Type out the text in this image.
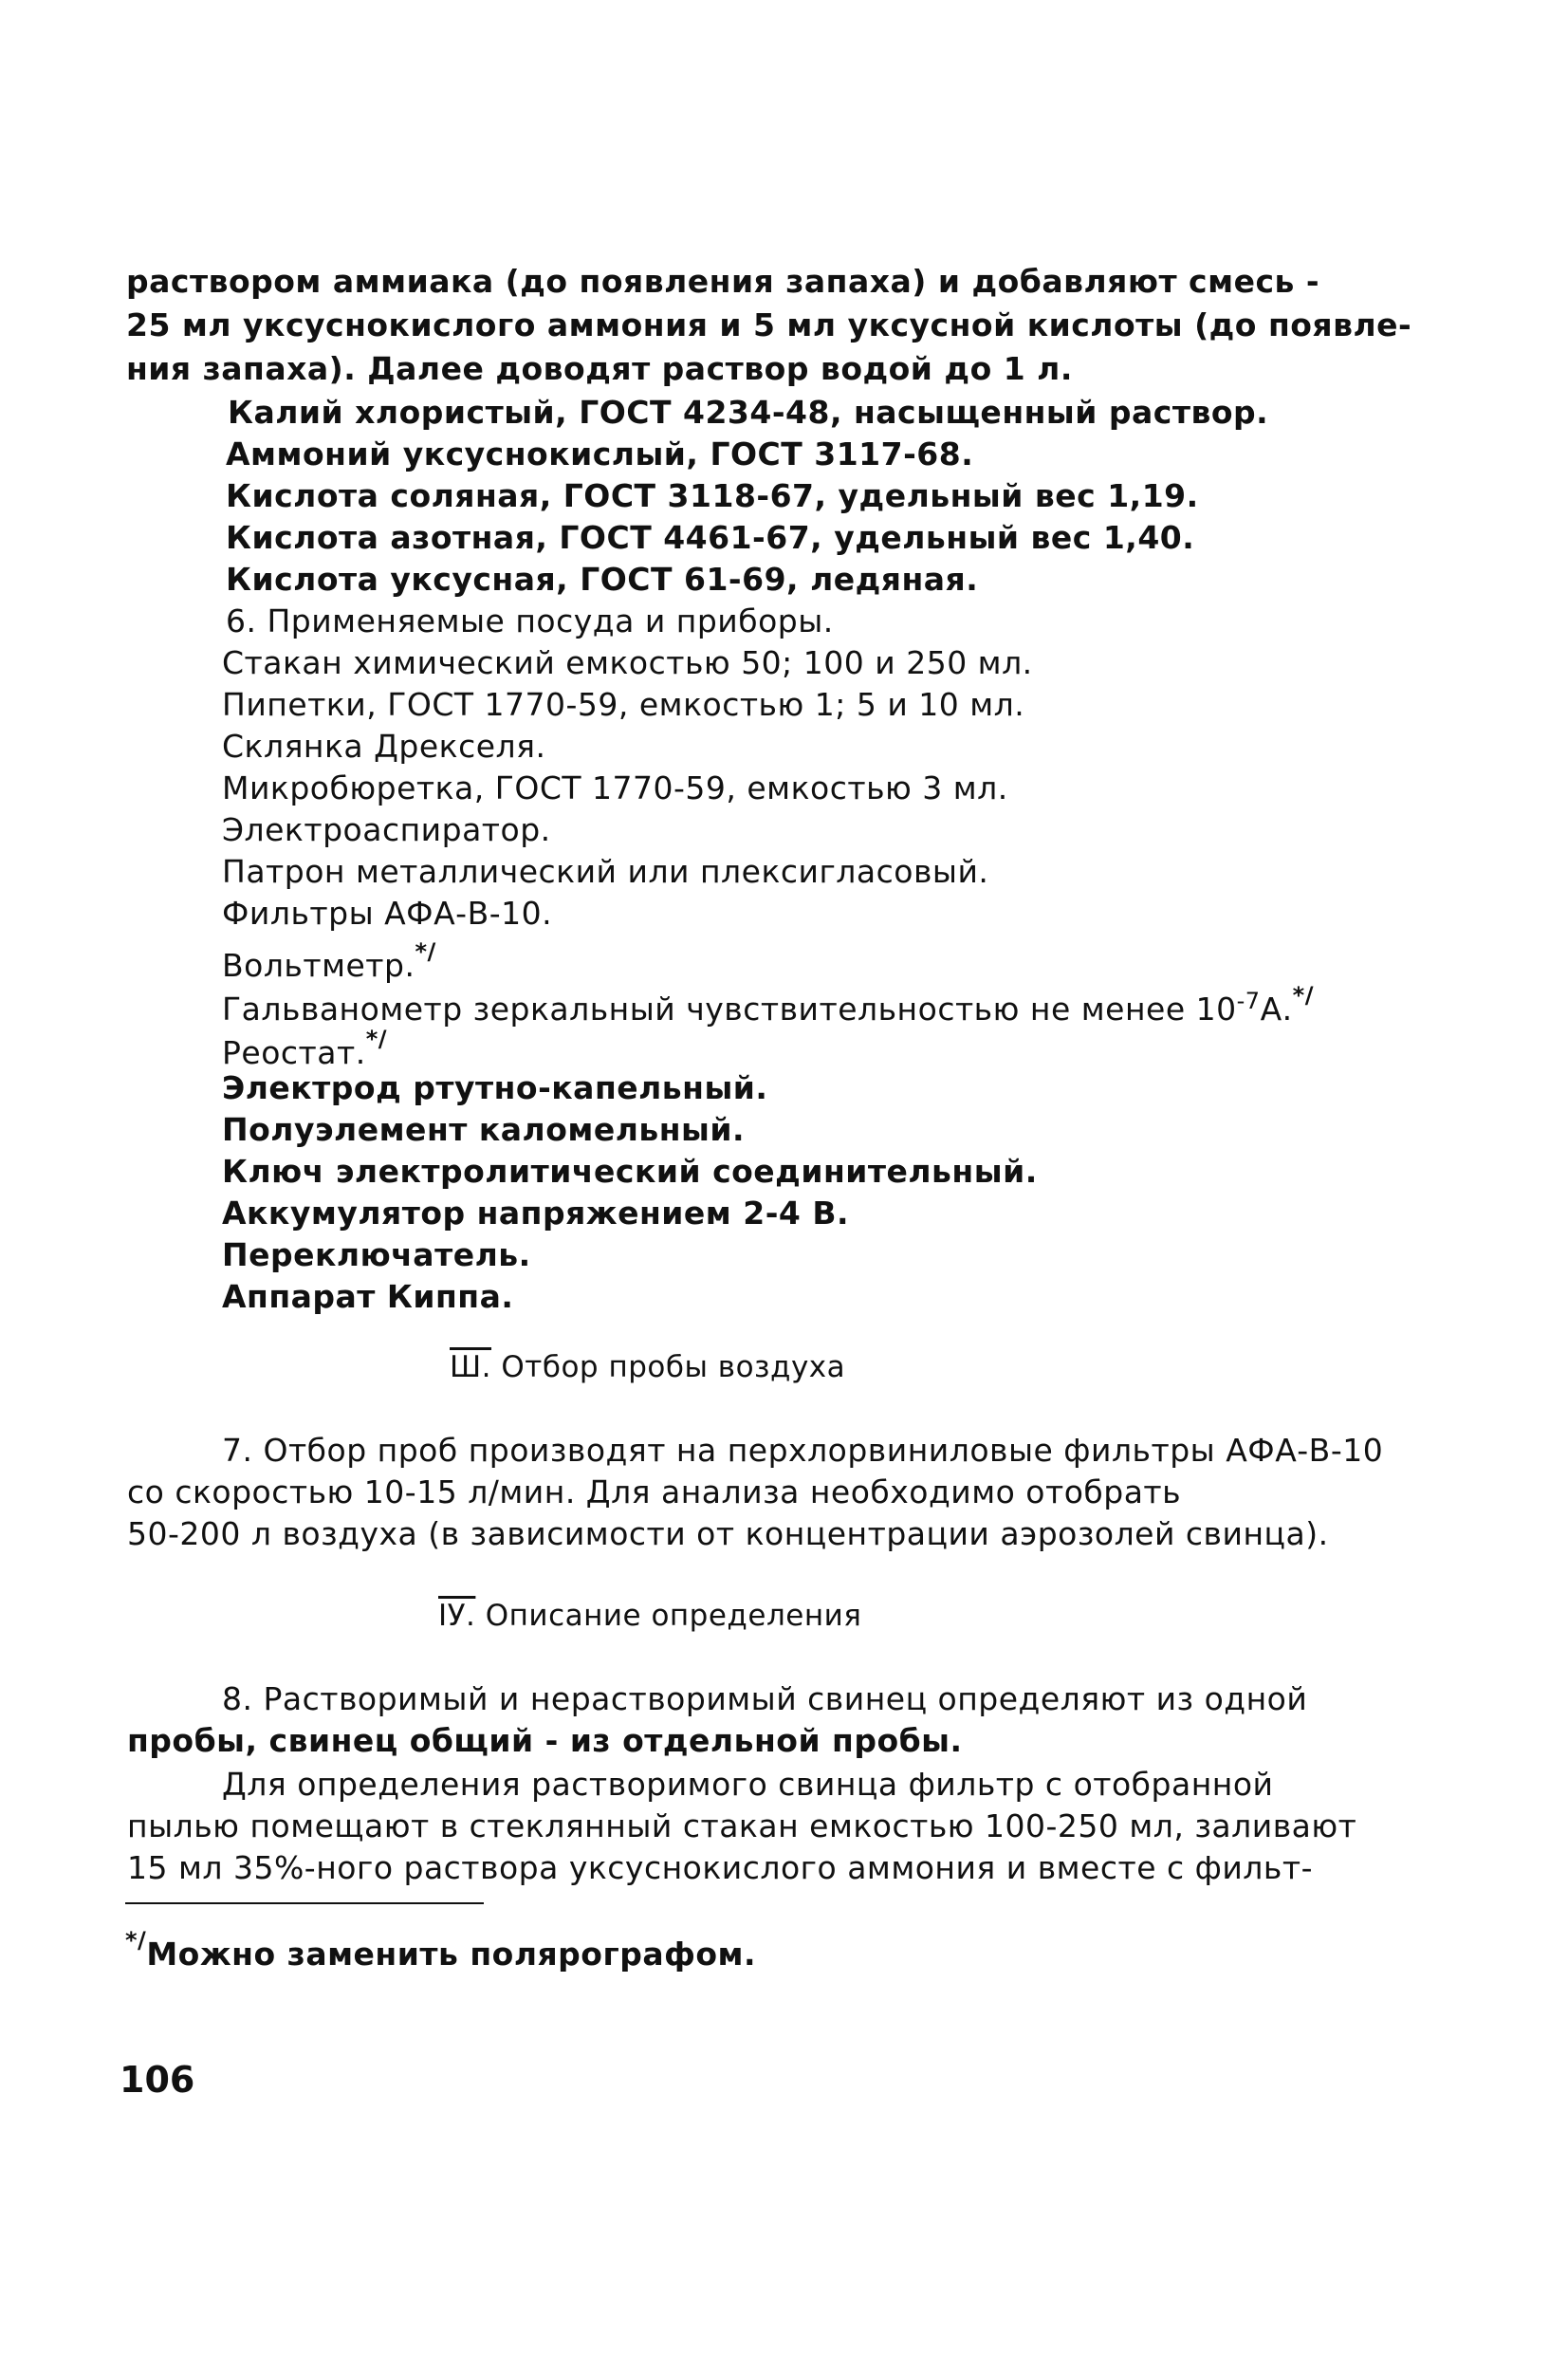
раствором аммиака (до появления запаха) и добавляют смесь -
25 мл уксуснокислого аммония и 5 мл уксусной кислоты (до появле-
ния запаха). Далее доводят раствор водой до 1 л.
Калий хлористый, ГОСТ 4234-48, насыщенный раствор.
Аммоний уксуснокислый, ГОСТ 3117-68.
Кислота соляная, ГОСТ 3118-67, удельный вес 1,19.
Кислота азотная, ГОСТ 4461-67, удельный вес 1,40.
Кислота уксусная, ГОСТ 61-69, ледяная.
6. Применяемые посуда и приборы.
Стакан химический емкостью 50; 100 и 250 мл.
Пипетки, ГОСТ 1770-59, емкостью 1; 5 и 10 мл.
Склянка Дрекселя.
Микробюретка, ГОСТ 1770-59, емкостью 3 мл.
Электроаспиратор.
Патрон металлический или плексигласовый.
Фильтры АФА-В-10.
Вольтметр.*/
Гальванометр зеркальный чувствительностью не менее $10^{-7}А.^{*/}$
Реостат.*/
Электрод ртутно-капельный.
Полуэлемент каломельный.
Ключ электролитический соединительный.
Аккумулятор напряжением 2-4 В.
Переключатель.
Аппарат Киппа.
Ш. Отбор пробы воздуха
7. Отбор проб производят на перхлорвиниловые фильтры АФА-В-10
со скоростью 10-15 л/мин. Для анализа необходимо отобрать
50-200 л воздуха (в зависимости от концентрации аэрозолей свинца).
IУ. Описание определения
8. Растворимый и нерастворимый свинец определяют из одной
пробы, свинец общий - из отдельной пробы.
Для определения растворимого свинца фильтр с отобранной
пылью помещают в стеклянный стакан емкостью 100-250 мл, заливают
15 мл 35%-ного раствора уксуснокислого аммония и вместе с фильт-
*/Можно заменить полярографом.
106
